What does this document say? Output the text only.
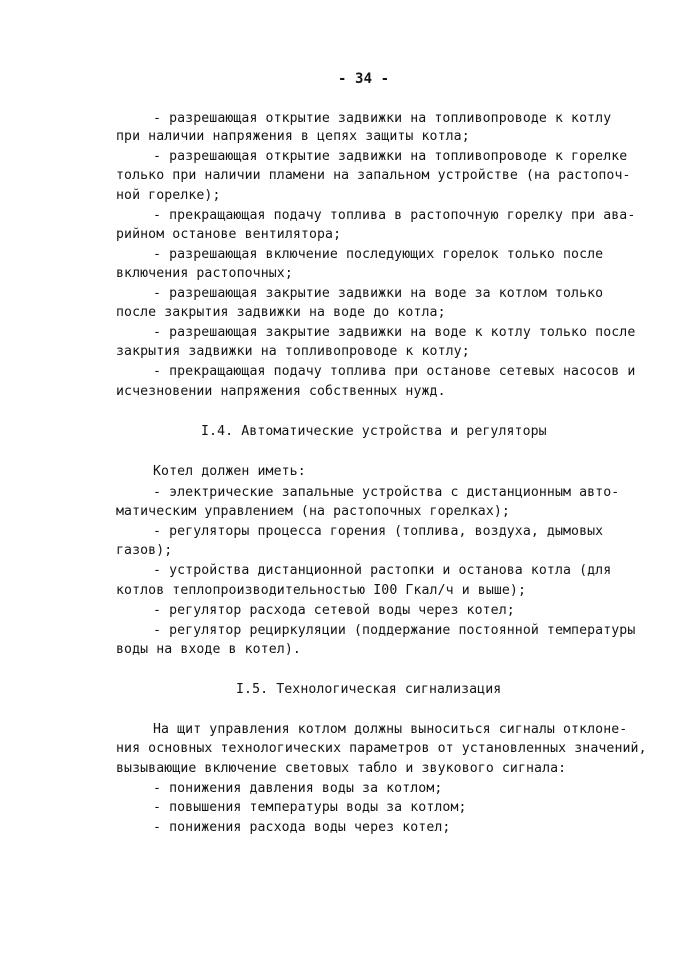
- 34 -
- разрешающая открытие задвижки на топливопроводе к котлу
при наличии напряжения в цепях защиты котла;
- разрешающая открытие задвижки на топливопроводе к горелке
только при наличии пламени на запальном устройстве (на растопоч-
ной горелке);
- прекращающая подачу топлива в растопочную горелку при ава-
рийном останове вентилятора;
- разрешающая включение последующих горелок только после
включения растопочных;
- разрешающая закрытие задвижки на воде за котлом только
после закрытия задвижки на воде до котла;
- разрешающая закрытие задвижки на воде к котлу только после
закрытия задвижки на топливопроводе к котлу;
- прекращающая подачу топлива при останове сетевых насосов и
исчезновении напряжения собственных нужд.
I.4. Автоматические устройства и регуляторы
Котел должен иметь:
- электрические запальные устройства с дистанционным авто-
матическим управлением (на растопочных горелках);
- регуляторы процесса горения (топлива, воздуха, дымовых
газов);
- устройства дистанционной растопки и останова котла (для
котлов теплопроизводительностью I00 Гкал/ч и выше);
- регулятор расхода сетевой воды через котел;
- регулятор рециркуляции (поддержание постоянной температуры
воды на входе в котел).
I.5. Технологическая сигнализация
На щит управления котлом должны выноситься сигналы отклоне-
ния основных технологических параметров от установленных значений,
вызывающие включение световых табло и звукового сигнала:
- понижения давления воды за котлом;
- повышения температуры воды за котлом;
- понижения расхода воды через котел;
